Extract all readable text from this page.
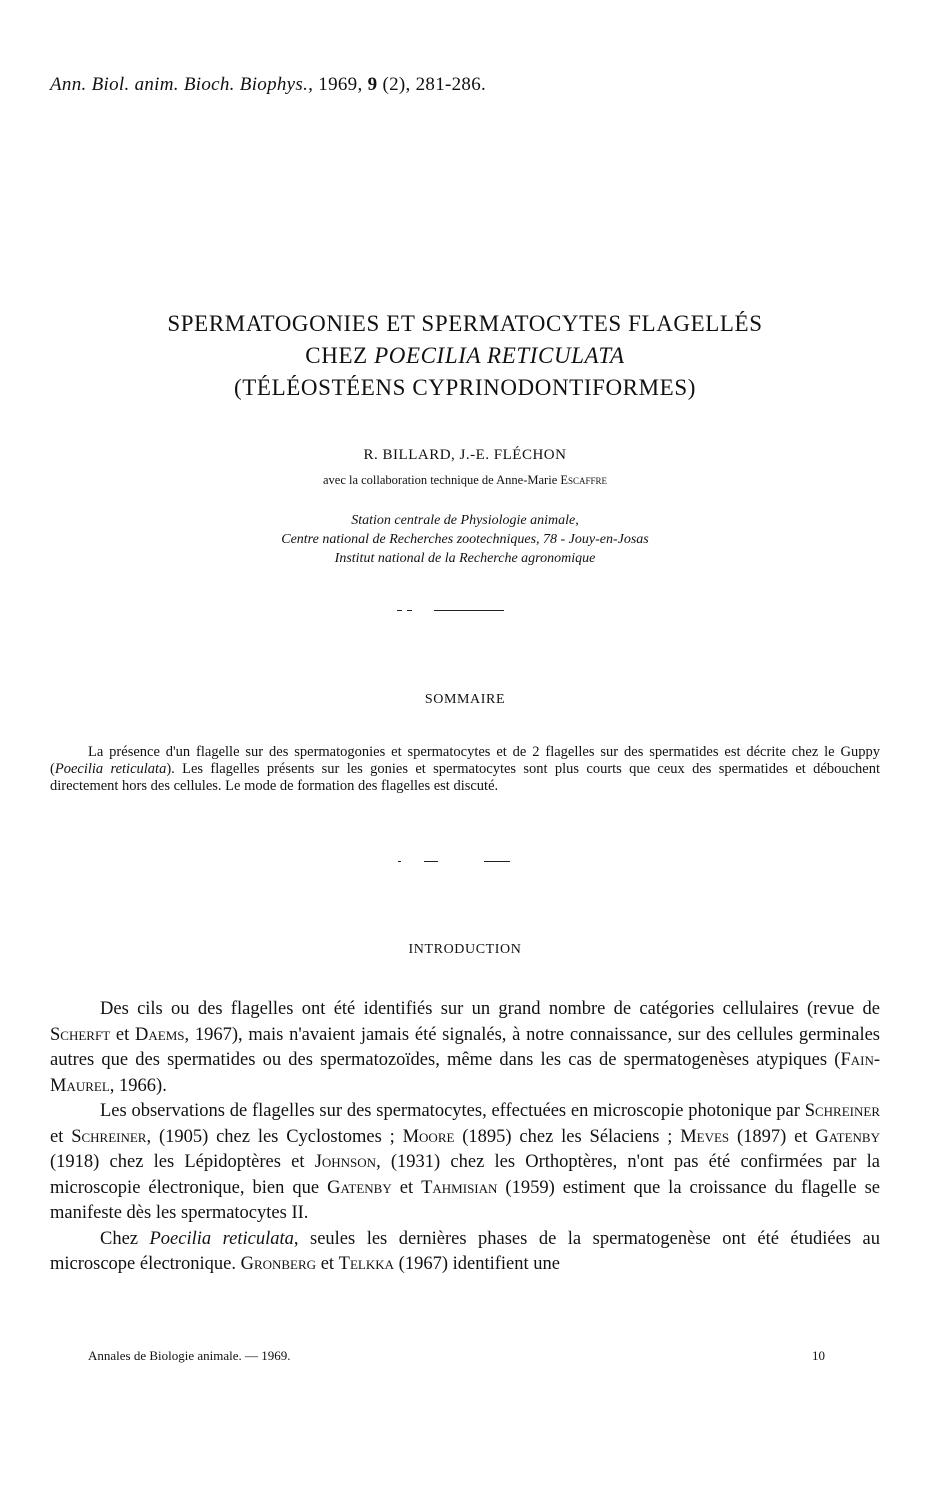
Ann. Biol. anim. Bioch. Biophys., 1969, 9 (2), 281-286.
SPERMATOGONIES ET SPERMATOCYTES FLAGELLÉS
CHEZ POECILIA RETICULATA
(TÉLÉOSTÉENS CYPRINODONTIFORMES)
R. BILLARD, J.-E. FLÉCHON
avec la collaboration technique de Anne-Marie Escaffre
Station centrale de Physiologie animale,
Centre national de Recherches zootechniques, 78 - Jouy-en-Josas
Institut national de la Recherche agronomique
SOMMAIRE
La présence d'un flagelle sur des spermatogonies et spermatocytes et de 2 flagelles sur des spermatides est décrite chez le Guppy (Poecilia reticulata). Les flagelles présents sur les gonies et spermatocytes sont plus courts que ceux des spermatides et débouchent directement hors des cellules. Le mode de formation des flagelles est discuté.
INTRODUCTION

Des cils ou des flagelles ont été identifiés sur un grand nombre de catégories cellulaires (revue de Scherft et Daems, 1967), mais n'avaient jamais été signalés, à notre connaissance, sur des cellules germinales autres que des spermatides ou des spermatozoïdes, même dans les cas de spermatogenèses atypiques (Fain-Maurel, 1966).

Les observations de flagelles sur des spermatocytes, effectuées en microscopie photonique par Schreiner et Schreiner, (1905) chez les Cyclostomes ; Moore (1895) chez les Sélaciens ; Meves (1897) et Gatenby (1918) chez les Lépidoptères et Johnson, (1931) chez les Orthoptères, n'ont pas été confirmées par la microscopie électronique, bien que Gatenby et Tahmisian (1959) estiment que la croissance du flagelle se manifeste dès les spermatocytes II.

Chez Poecilia reticulata, seules les dernières phases de la spermatogenèse ont été étudiées au microscope électronique. Gronberg et Telkka (1967) identifient une

Annales de Biologie animale. — 1969.	10
